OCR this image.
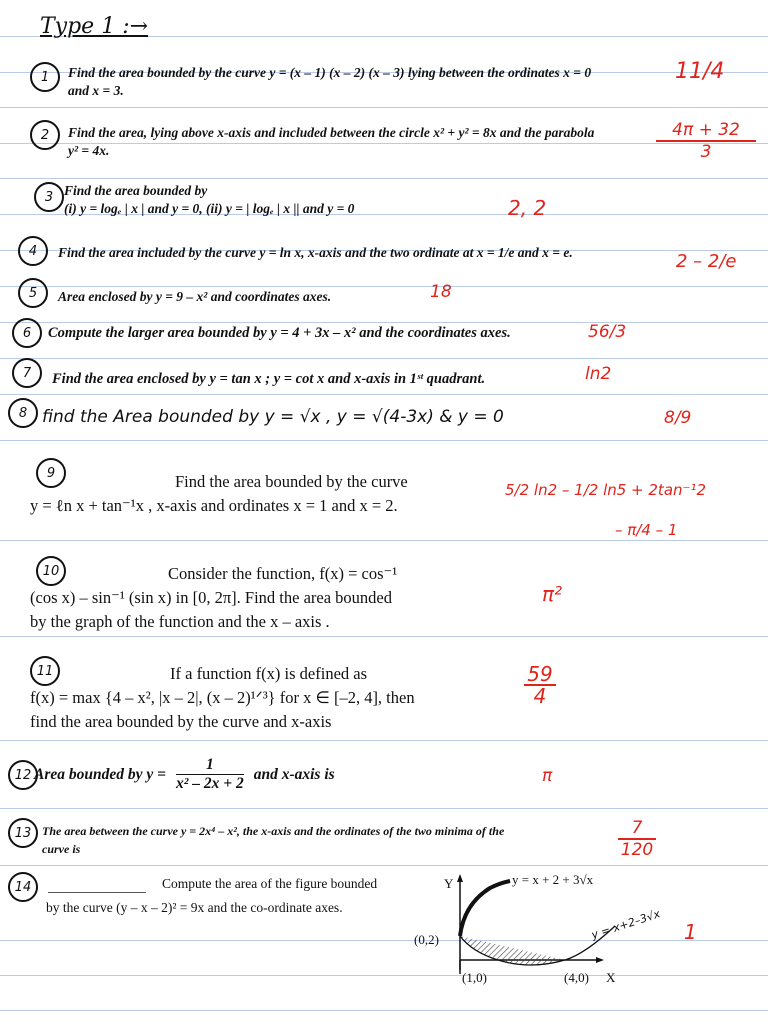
Type 1 :→
1	Find the area bounded by the curve y = (x – 1) (x – 2) (x – 3) lying between the ordinates x = 0
and x = 3.
11/4
2	Find the area, lying above x-axis and included between the circle x² + y² = 8x and the parabola
y² = 4x.
4π + 32
3
3 Find the area bounded by
(i) y = logₑ | x | and y = 0, (ii) y = | logₑ | x || and y = 0	2, 2
4	Find the area included by the curve y = ln x, x-axis and the two ordinate at x = 1/e and x = e.	2 – 2/e
5	Area enclosed by y = 9 – x² and coordinates axes.	18
6	Compute the larger area bounded by y = 4 + 3x – x² and the coordinates axes.	56/3
7	Find the area enclosed by y = tan x ; y = cot x and x-axis in 1ˢᵗ quadrant.	ln2
8 find the Area bounded by y = √x , y = √(4-3x) & y = 0	8/9
9	Find the area bounded by the curve
y = ℓn x + tan⁻¹x , x-axis and ordinates x = 1 and x = 2.
5/2 ln2 – 1/2 ln5 + 2tan⁻¹2
– π/4 – 1
10	Consider the function, f(x) = cos⁻¹
(cos x) – sin⁻¹ (sin x) in [0, 2π]. Find the area bounded
by the graph of the function and the x – axis .
π²
11	If a function f(x) is defined as
f(x) = max {4 – x², |x – 2|, (x – 2)¹ᐟ³} for x ∈ [–2, 4], then
find the area bounded by the curve and x-axis
59
4
12 Area bounded by $y = \frac{1}{\text{x² – 2x + 2}}$ and x-axis is	π
13 The area between the curve y = 2x⁴ – x², the x-axis and the ordinates of the two minima of the
curve is
7
120
14	Compute the area of the figure bounded
by the curve (y – x – 2)² = 9x and the co-ordinate axes.
1
Y	y = x + 2 + 3√x
(0,2)
(1,0)	(4,0) X
y = x+2–3√x
